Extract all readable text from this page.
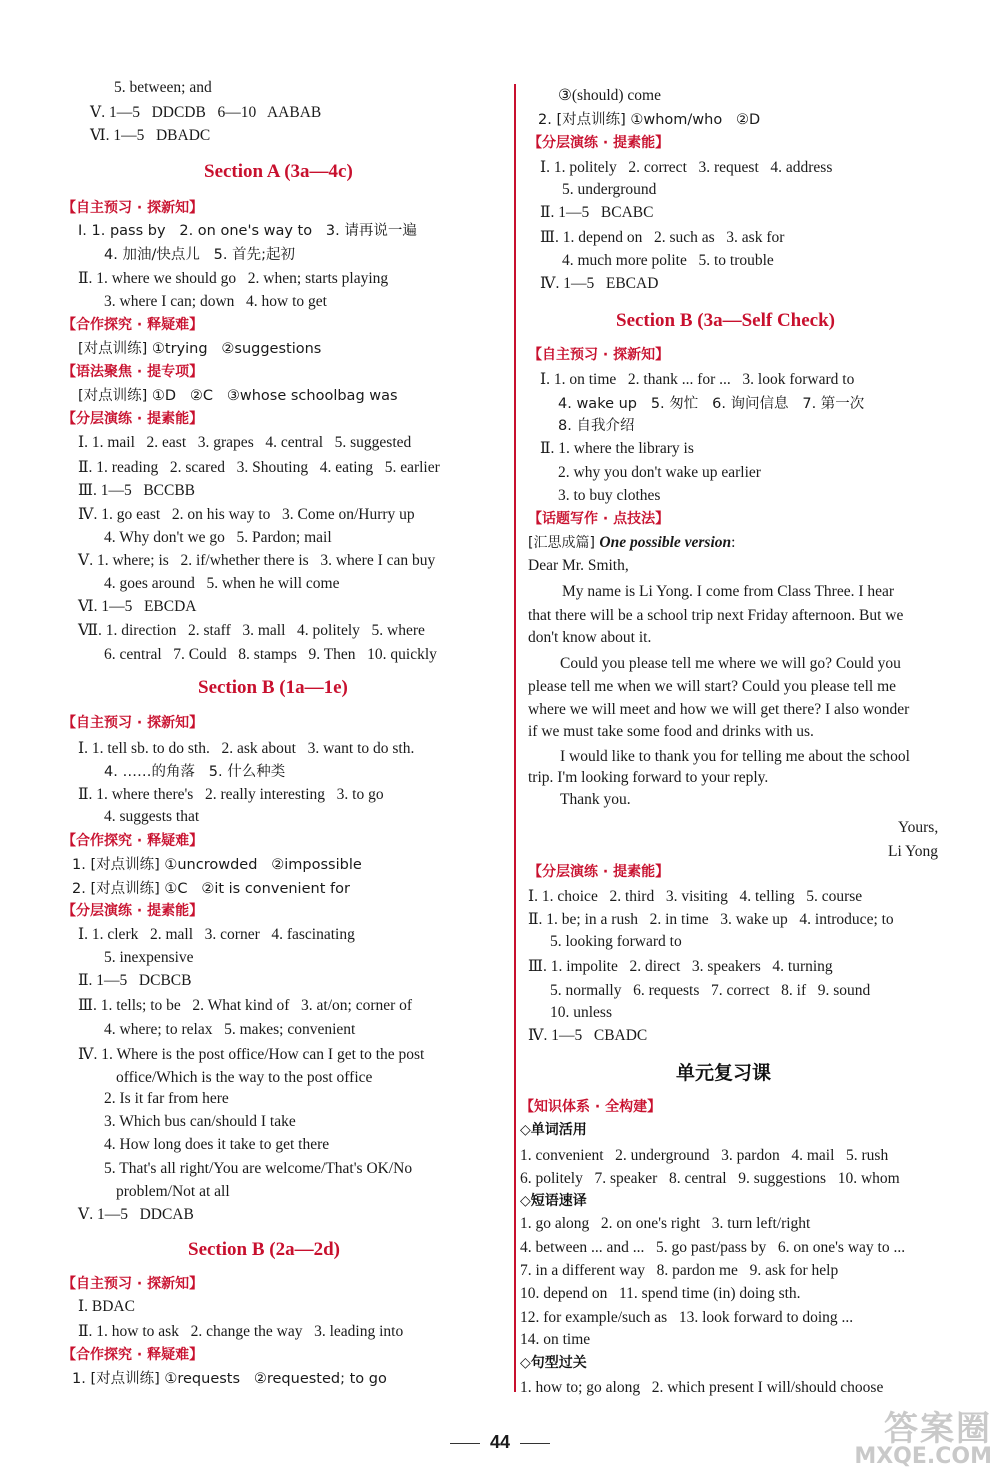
5. between; and
Ⅴ. 1—5   DDCDB   6—10   AABAB
Ⅵ. 1—5   DBADC
Section A (3a—4c)
【自主预习 · 探新知】
Ⅰ. 1. pass by   2. on one's way to   3. 请再说一遍
4. 加油/快点儿   5. 首先;起初
Ⅱ. 1. where we should go   2. when; starts playing
3. where I can; down   4. how to get
【合作探究 · 释疑难】
[对点训练] ①trying   ②suggestions
【语法聚焦 · 提专项】
[对点训练] ①D   ②C   ③whose schoolbag was
【分层演练 · 提素能】
Ⅰ. 1. mail   2. east   3. grapes   4. central   5. suggested
Ⅱ. 1. reading   2. scared   3. Shouting   4. eating   5. earlier
Ⅲ. 1—5   BCCBB
Ⅳ. 1. go east   2. on his way to   3. Come on/Hurry up
4. Why don't we go   5. Pardon; mail
Ⅴ. 1. where; is   2. if/whether there is   3. where I can buy
4. goes around   5. when he will come
Ⅵ. 1—5   EBCDA
Ⅶ. 1. direction   2. staff   3. mall   4. politely   5. where
6. central   7. Could   8. stamps   9. Then   10. quickly
Section B (1a—1e)
【自主预习 · 探新知】
Ⅰ. 1. tell sb. to do sth.   2. ask about   3. want to do sth.
4. ……的角落   5. 什么种类
Ⅱ. 1. where there's   2. really interesting   3. to go
4. suggests that
【合作探究 · 释疑难】
1. [对点训练] ①uncrowded   ②impossible
2. [对点训练] ①C   ②it is convenient for
【分层演练 · 提素能】
Ⅰ. 1. clerk   2. mall   3. corner   4. fascinating
5. inexpensive
Ⅱ. 1—5   DCBCB
Ⅲ. 1. tells; to be   2. What kind of   3. at/on; corner of
4. where; to relax   5. makes; convenient
Ⅳ. 1. Where is the post office/How can I get to the post
office/Which is the way to the post office
2. Is it far from here
3. Which bus can/should I take
4. How long does it take to get there
5. That's all right/You are welcome/That's OK/No
problem/Not at all
Ⅴ. 1—5   DDCAB
Section B (2a—2d)
【自主预习 · 探新知】
Ⅰ. BDAC
Ⅱ. 1. how to ask   2. change the way   3. leading into
【合作探究 · 释疑难】
1. [对点训练] ①requests   ②requested; to go
③(should) come
2. [对点训练] ①whom/who   ②D
【分层演练 · 提素能】
Ⅰ. 1. politely   2. correct   3. request   4. address
5. underground
Ⅱ. 1—5   BCABC
Ⅲ. 1. depend on   2. such as   3. ask for
4. much more polite   5. to trouble
Ⅳ. 1—5   EBCAD
Section B (3a—Self Check)
【自主预习 · 探新知】
Ⅰ. 1. on time   2. thank ... for ...   3. look forward to
4. wake up   5. 匆忙   6. 询问信息   7. 第一次
8. 自我介绍
Ⅱ. 1. where the library is
2. why you don't wake up earlier
3. to buy clothes
【话题写作 · 点技法】
[汇思成篇] One possible version:
Dear Mr. Smith,
My name is Li Yong. I come from Class Three. I hear
that there will be a school trip next Friday afternoon. But we
don't know about it.
Could you please tell me where we will go? Could you
please tell me when we will start? Could you please tell me
where we will meet and how we will get there? I also wonder
if we must take some food and drinks with us.
I would like to thank you for telling me about the school
trip. I'm looking forward to your reply.
Thank you.
Yours,
Li Yong
【分层演练 · 提素能】
Ⅰ. 1. choice   2. third   3. visiting   4. telling   5. course
Ⅱ. 1. be; in a rush   2. in time   3. wake up   4. introduce; to
5. looking forward to
Ⅲ. 1. impolite   2. direct   3. speakers   4. turning
5. normally   6. requests   7. correct   8. if   9. sound
10. unless
Ⅳ. 1—5   CBADC
单元复习课
【知识体系 · 全构建】
◇单词活用
1. convenient   2. underground   3. pardon   4. mail   5. rush
6. politely   7. speaker   8. central   9. suggestions   10. whom
◇短语速译
1. go along   2. on one's right   3. turn left/right
4. between ... and ...   5. go past/pass by   6. on one's way to ...
7. in a different way   8. pardon me   9. ask for help
10. depend on   11. spend time (in) doing sth.
12. for example/such as   13. look forward to doing ...
14. on time
◇句型过关
1. how to; go along   2. which present I will/should choose
44	答案圈
MXQE.COM
